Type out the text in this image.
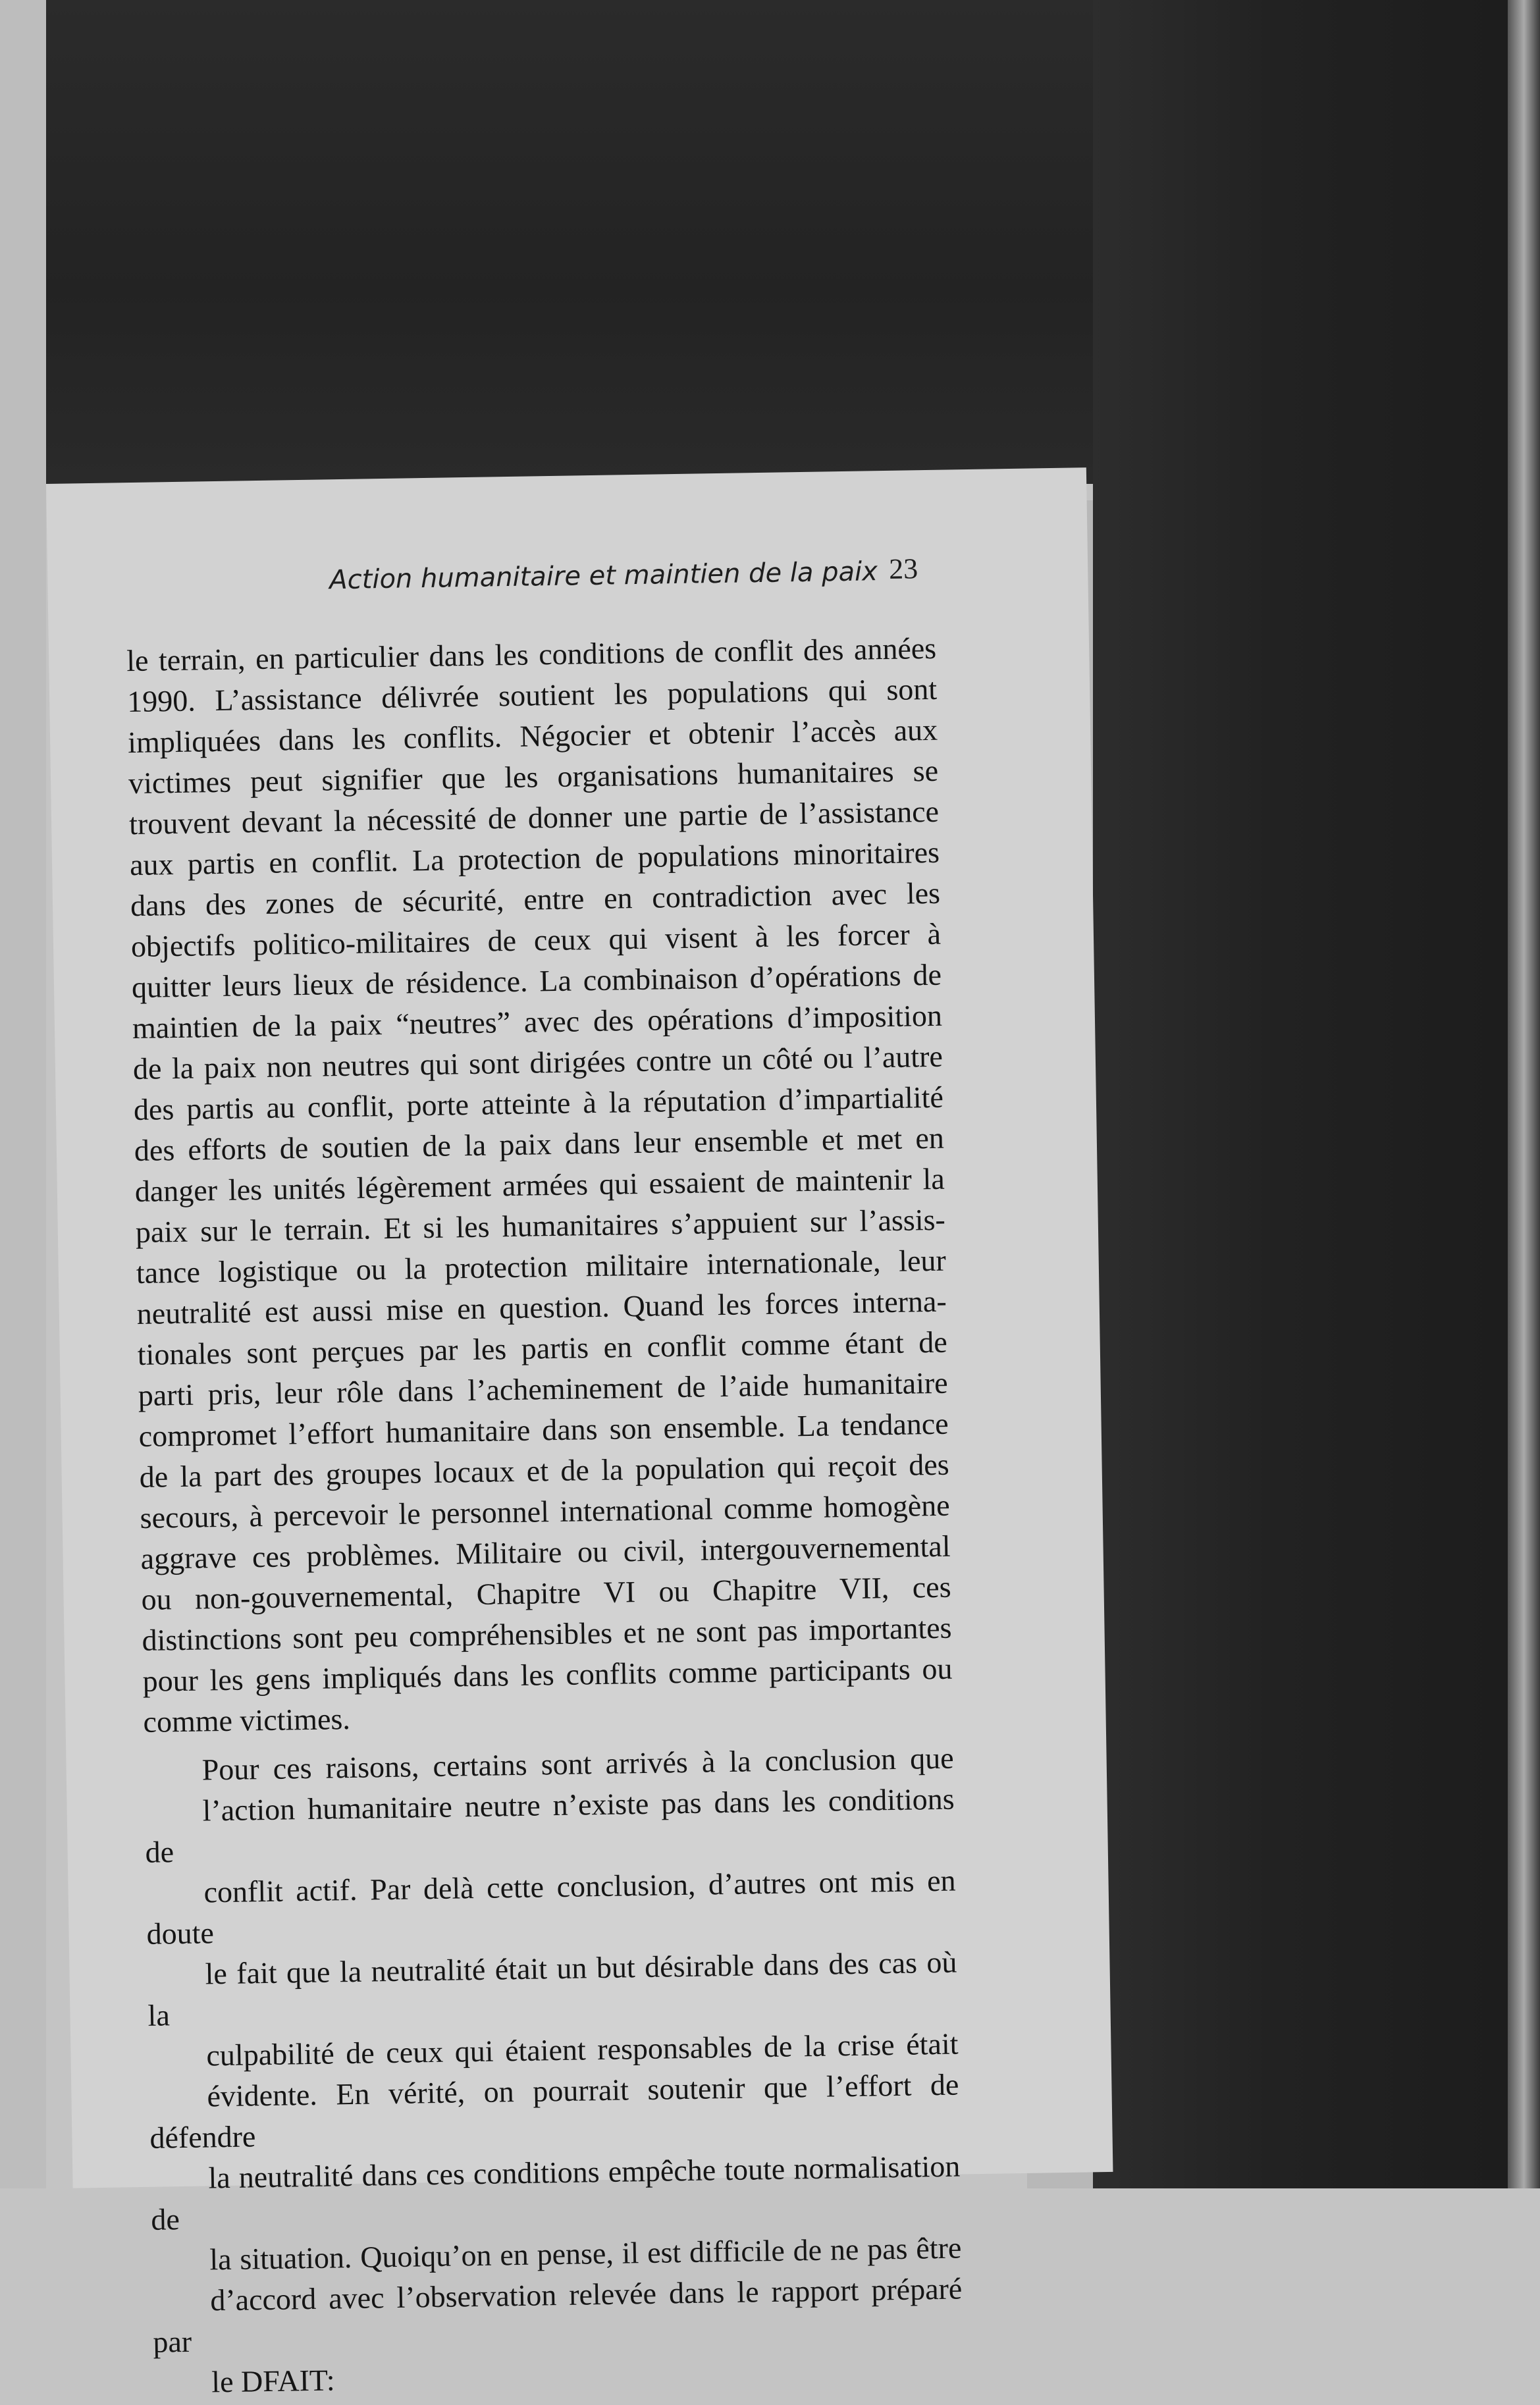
Action humanitaire et maintien de la paix 23

le terrain, en particulier dans les conditions de conflit des années
1990. L’assistance délivrée soutient les populations qui sont
impliquées dans les conflits. Négocier et obtenir l’accès aux
victimes peut signifier que les organisations humanitaires se
trouvent devant la nécessité de donner une partie de l’assistance
aux partis en conflit. La protection de populations minoritaires
dans des zones de sécurité, entre en contradiction avec les
objectifs politico-militaires de ceux qui visent à les forcer à
quitter leurs lieux de résidence. La combinaison d’opérations de
maintien de la paix “neutres” avec des opérations d’imposition
de la paix non neutres qui sont dirigées contre un côté ou l’autre
des partis au conflit, porte atteinte à la réputation d’impartialité
des efforts de soutien de la paix dans leur ensemble et met en
danger les unités légèrement armées qui essaient de maintenir la
paix sur le terrain. Et si les humanitaires s’appuient sur l’assis-
tance logistique ou la protection militaire internationale, leur
neutralité est aussi mise en question. Quand les forces interna-
tionales sont perçues par les partis en conflit comme étant de
parti pris, leur rôle dans l’acheminement de l’aide humanitaire
compromet l’effort humanitaire dans son ensemble. La tendance
de la part des groupes locaux et de la population qui reçoit des
secours, à percevoir le personnel international comme homogène
aggrave ces problèmes. Militaire ou civil, intergouvernemental
ou non-gouvernemental, Chapitre VI ou Chapitre VII, ces
distinctions sont peu compréhensibles et ne sont pas importantes
pour les gens impliqués dans les conflits comme participants ou
comme victimes.

Pour ces raisons, certains sont arrivés à la conclusion que
l’action humanitaire neutre n’existe pas dans les conditions de
conflit actif. Par delà cette conclusion, d’autres ont mis en doute
le fait que la neutralité était un but désirable dans des cas où la
culpabilité de ceux qui étaient responsables de la crise était
évidente. En vérité, on pourrait soutenir que l’effort de défendre
la neutralité dans ces conditions empêche toute normalisation de
la situation. Quoiqu’on en pense, il est difficile de ne pas être
d’accord avec l’observation relevée dans le rapport préparé par
le DFAIT:
